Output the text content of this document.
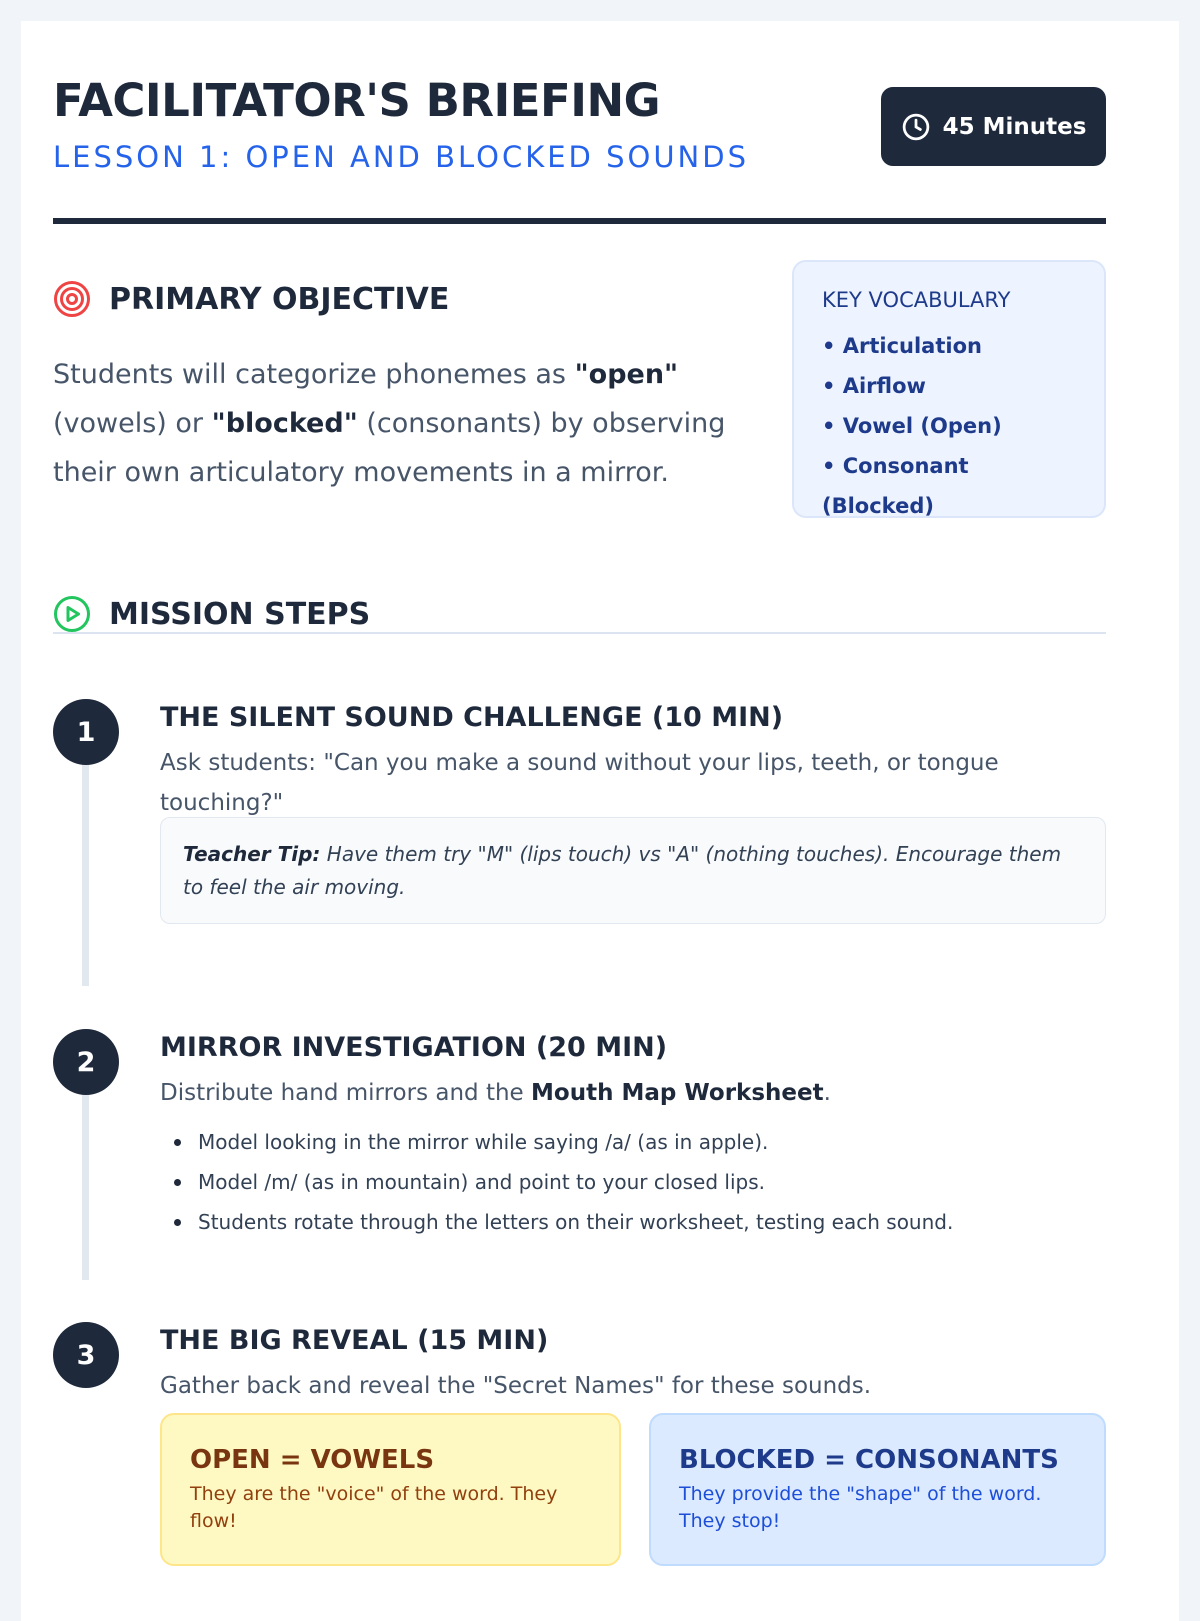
FACILITATOR'S BRIEFING
LESSON 1: OPEN AND BLOCKED SOUNDS
45 Minutes
PRIMARY OBJECTIVE
Students will categorize phonemes as "open" (vowels) or "blocked" (consonants) by observing their own articulatory movements in a mirror.
KEY VOCABULARY
• Articulation
• Airflow
• Vowel (Open)
• Consonant (Blocked)
MISSION STEPS
1	THE SILENT SOUND CHALLENGE (10 MIN)
Ask students: "Can you make a sound without your lips, teeth, or tongue touching?"
Teacher Tip: Have them try "M" (lips touch) vs "A" (nothing touches). Encourage them to feel the air moving.
2	MIRROR INVESTIGATION (20 MIN)
Distribute hand mirrors and the Mouth Map Worksheet.
Model looking in the mirror while saying /a/ (as in apple).
Model /m/ (as in mountain) and point to your closed lips.
Students rotate through the letters on their worksheet, testing each sound.
3	THE BIG REVEAL (15 MIN)
Gather back and reveal the "Secret Names" for these sounds.
OPEN = VOWELS
They are the "voice" of the word. They flow!
BLOCKED = CONSONANTS
They provide the "shape" of the word. They stop!
